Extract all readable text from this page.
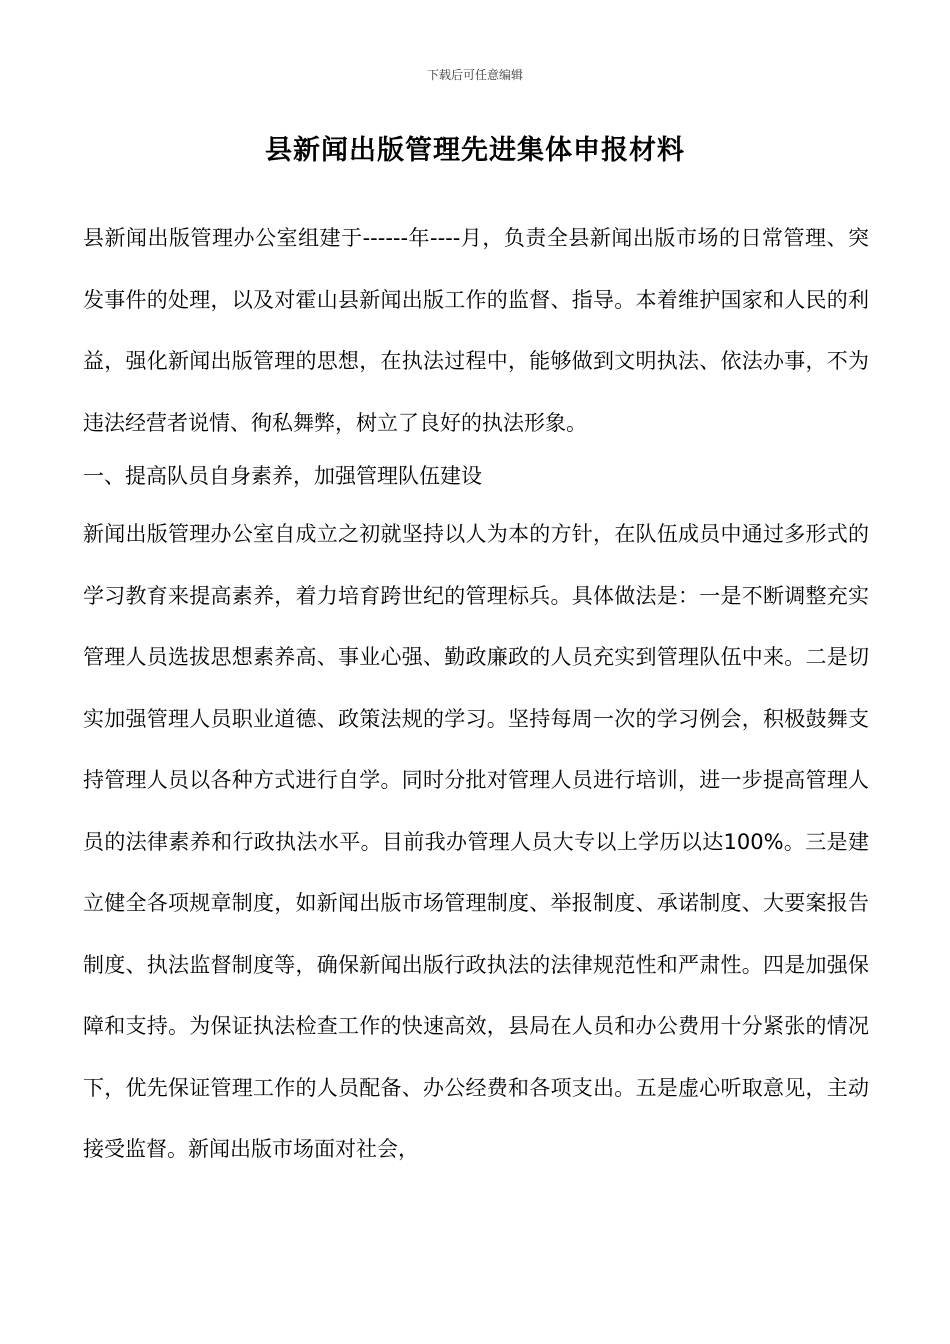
下载后可任意编辑
县新闻出版管理先进集体申报材料

县新闻出版管理办公室组建于------年----月，负责全县新闻出版市场的日常管理、突发事件的处理，以及对霍山县新闻出版工作的监督、指导。本着维护国家和人民的利益，强化新闻出版管理的思想，在执法过程中，能够做到文明执法、依法办事，不为违法经营者说情、徇私舞弊，树立了良好的执法形象。

一、提高队员自身素养，加强管理队伍建设

新闻出版管理办公室自成立之初就坚持以人为本的方针，在队伍成员中通过多形式的学习教育来提高素养，着力培育跨世纪的管理标兵。具体做法是：一是不断调整充实管理人员选拔思想素养高、事业心强、勤政廉政的人员充实到管理队伍中来。二是切实加强管理人员职业道德、政策法规的学习。坚持每周一次的学习例会，积极鼓舞支持管理人员以各种方式进行自学。同时分批对管理人员进行培训，进一步提高管理人员的法律素养和行政执法水平。目前我办管理人员大专以上学历以达100%。三是建立健全各项规章制度，如新闻出版市场管理制度、举报制度、承诺制度、大要案报告制度、执法监督制度等，确保新闻出版行政执法的法律规范性和严肃性。四是加强保障和支持。为保证执法检查工作的快速高效，县局在人员和办公费用十分紧张的情况下，优先保证管理工作的人员配备、办公经费和各项支出。五是虚心听取意见，主动接受监督。新闻出版市场面对社会，
